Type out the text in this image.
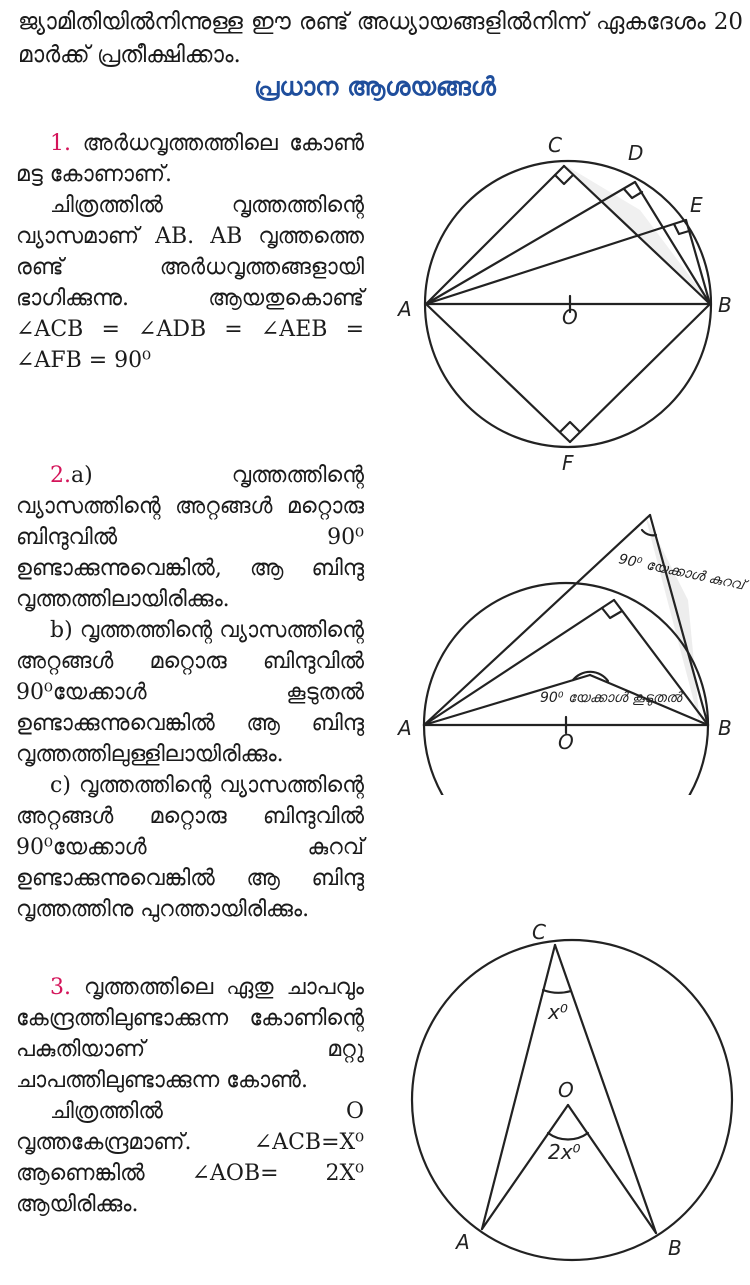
ജ്യാമിതിയിൽനിന്നുള്ള ഈ രണ്ട് അധ്യായങ്ങളിൽനിന്ന് ഏകദേശം 20 മാർക്ക് പ്രതീക്ഷിക്കാം.
പ്രധാന ആശയങ്ങൾ

1. അർധവൃത്തത്തിലെ കോൺ മട്ട കോണാണ്.

ചിത്രത്തിൽ വൃത്തത്തിന്റെ വ്യാസമാണ് AB. AB വൃത്തത്തെ രണ്ട് അർധവൃത്തങ്ങളായി ഭാഗിക്കുന്നു. ആയതുകൊണ്ട് ∠ACB = ∠ADB = ∠AEB = ∠AFB = 90⁰

2.a) വൃത്തത്തിന്റെ വ്യാസത്തിന്റെ അറ്റങ്ങൾ മറ്റൊരു ബിന്ദുവിൽ 90⁰ ഉണ്ടാക്കുന്നുവെങ്കിൽ, ആ ബിന്ദു വൃത്തത്തിലായിരിക്കും.

b) വൃത്തത്തിന്റെ വ്യാസത്തിന്റെ അറ്റങ്ങൾ മറ്റൊരു ബിന്ദുവിൽ 90⁰യേക്കാൾ കൂടുതൽ ഉണ്ടാക്കുന്നുവെങ്കിൽ ആ ബിന്ദു വൃത്തത്തിലുള്ളിലായിരിക്കും.

c) വൃത്തത്തിന്റെ വ്യാസത്തിന്റെ അറ്റങ്ങൾ മറ്റൊരു ബിന്ദുവിൽ 90⁰യേക്കാൾ കുറവ് ഉണ്ടാക്കുന്നുവെങ്കിൽ ആ ബിന്ദു വൃത്തത്തിനു പുറത്തായിരിക്കും.

3. വൃത്തത്തിലെ ഏതു ചാപവും കേന്ദ്രത്തിലുണ്ടാക്കുന്ന കോണിന്റെ പകുതിയാണ് മറ്റു ചാപത്തിലുണ്ടാക്കുന്ന കോൺ.

ചിത്രത്തിൽ O വൃത്തകേന്ദ്രമാണ്. ∠ACB=X⁰ ആണെങ്കിൽ ∠AOB= 2X⁰ ആയിരിക്കും.

C	D
E
A	B
O
F
90⁰ യേക്കാൾ കുറവ്
90⁰ യേക്കാൾ കൂടുതൽ
A	B
O
C
x⁰
O
2x⁰
A	B
